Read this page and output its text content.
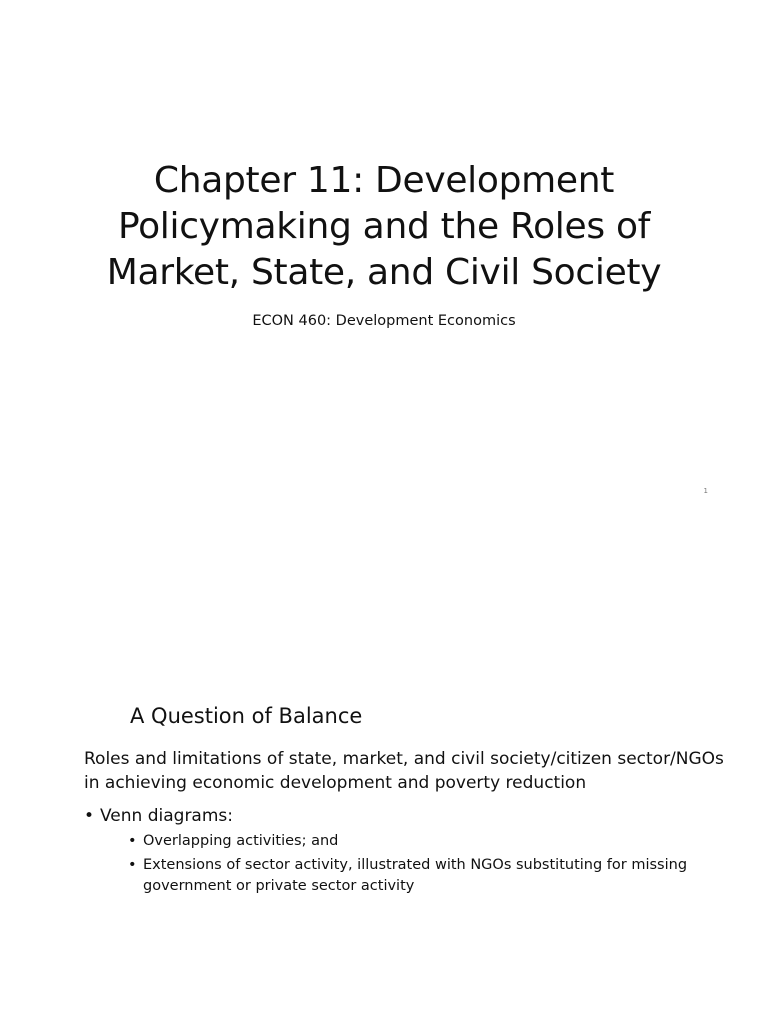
Chapter 11: Development
Policymaking and the Roles of
Market, State, and Civil Society

ECON 460: Development Economics

1
A Question of Balance

Roles and limitations of state, market, and civil society/citizen sector/NGOs in achieving economic development and poverty reduction

• Venn diagrams:
• Overlapping activities; and
• Extensions of sector activity, illustrated with NGOs substituting for missing government or private sector activity
